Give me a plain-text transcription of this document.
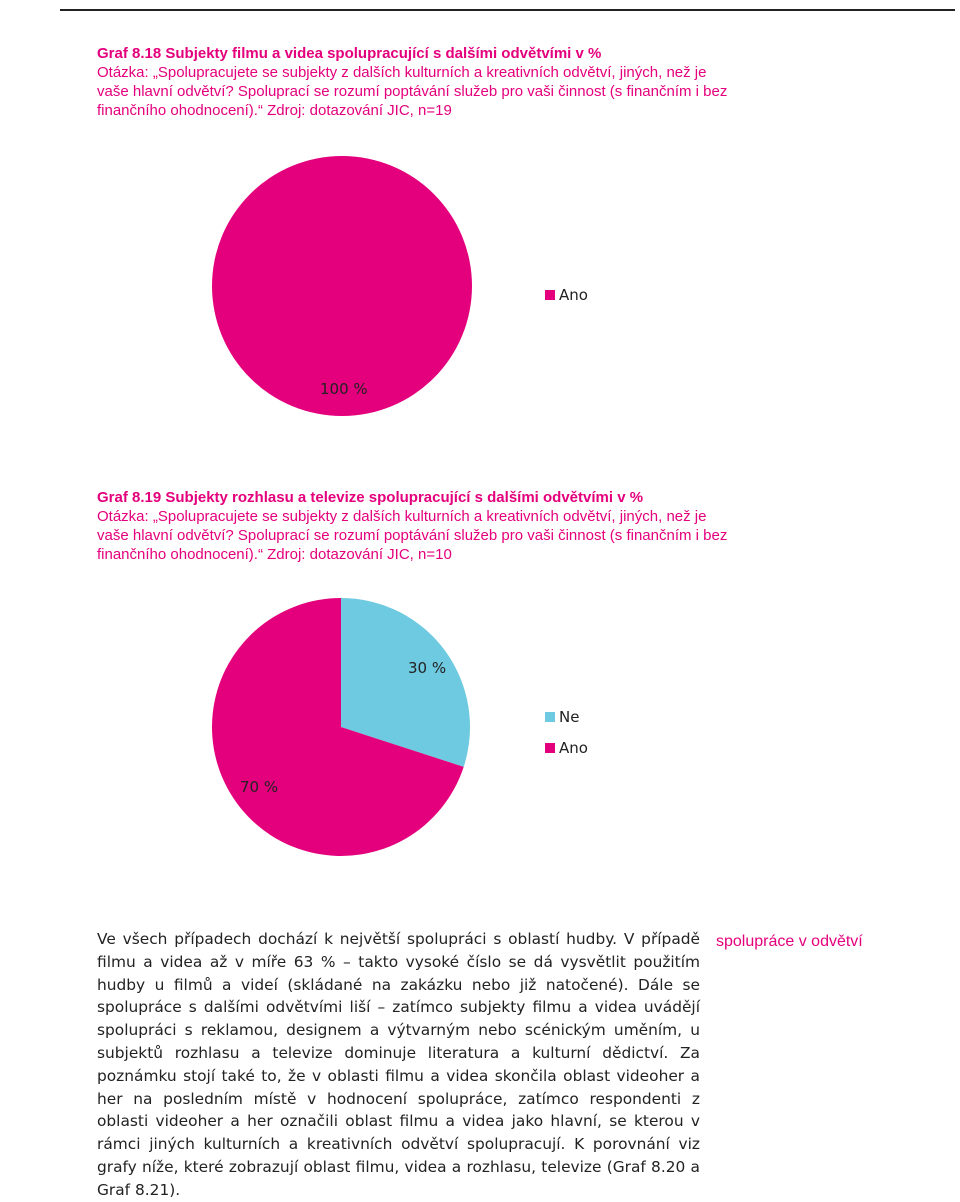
Graf 8.18 Subjekty filmu a videa spolupracující s dalšími odvětvími v %
Otázka: „Spolupracujete se subjekty z dalších kulturních a kreativních odvětví, jiných, než je vaše hlavní odvětví? Spoluprací se rozumí poptávání služeb pro vaši činnost (s finančním i bez finančního ohodnocení).“ Zdroj: dotazování JIC, n=19
100 %
Ano
Graf 8.19 Subjekty rozhlasu a televize spolupracující s dalšími odvětvími v %
Otázka: „Spolupracujete se subjekty z dalších kulturních a kreativních odvětví, jiných, než je vaše hlavní odvětví? Spoluprací se rozumí poptávání služeb pro vaši činnost (s finančním i bez finančního ohodnocení).“ Zdroj: dotazování JIC, n=10
30 %
70 %
Ne
Ano
Ve všech případech dochází k největší spolupráci s oblastí hudby. V případě filmu a videa až v míře 63 % – takto vysoké číslo se dá vysvětlit použitím hudby u filmů a videí (skládané na zakázku nebo již natočené). Dále se spolupráce s dalšími odvětvími liší – zatímco subjekty filmu a videa uvádějí spolupráci s reklamou, designem a výtvarným nebo scénickým uměním, u subjektů rozhlasu a televize dominuje literatura a kulturní dědictví. Za poznámku stojí také to, že v oblasti filmu a videa skončila oblast videoher a her na posledním místě v hodnocení spolupráce, zatímco respondenti z oblasti videoher a her označili oblast filmu a videa jako hlavní, se kterou v rámci jiných kulturních a kreativních odvětví spolupracují. K porovnání viz grafy níže, které zobrazují oblast filmu, videa a rozhlasu, televize (Graf 8.20 a Graf 8.21).
spolupráce v odvětví
